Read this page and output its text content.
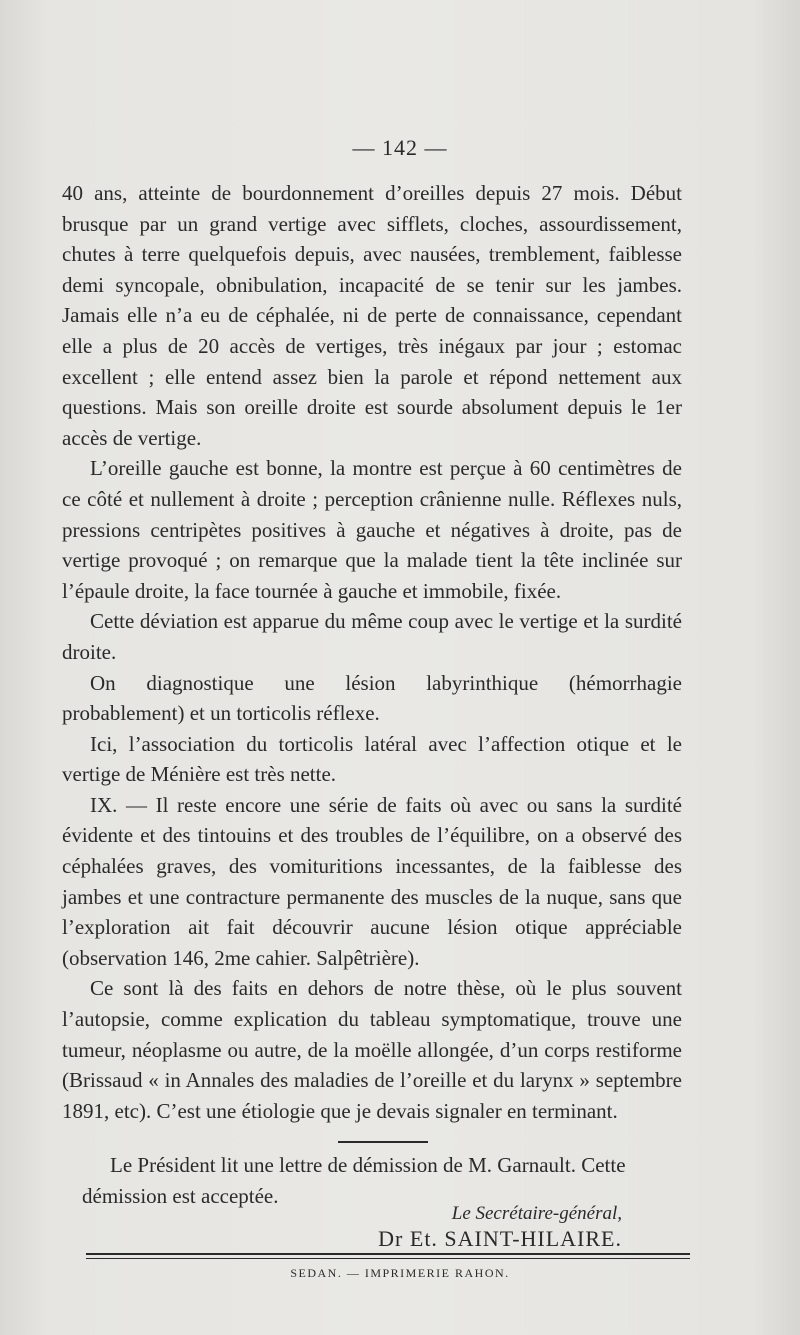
— 142 —

40 ans, atteinte de bourdonnement d’oreilles depuis 27 mois. Début brusque par un grand vertige avec sifflets, cloches, assourdissement, chutes à terre quelquefois depuis, avec nausées, tremblement, faiblesse demi syncopale, obnibulation, incapacité de se tenir sur les jambes. Jamais elle n’a eu de céphalée, ni de perte de connaissance, cependant elle a plus de 20 accès de vertiges, très inégaux par jour ; estomac excellent ; elle entend assez bien la parole et répond nettement aux questions. Mais son oreille droite est sourde absolument depuis le 1er accès de vertige.

L’oreille gauche est bonne, la montre est perçue à 60 centimètres de ce côté et nullement à droite ; perception crânienne nulle. Réflexes nuls, pressions centripètes positives à gauche et négatives à droite, pas de vertige provoqué ; on remarque que la malade tient la tête inclinée sur l’épaule droite, la face tournée à gauche et immobile, fixée.

Cette déviation est apparue du même coup avec le vertige et la surdité droite.

On diagnostique une lésion labyrinthique (hémorrhagie probablement) et un torticolis réflexe.

Ici, l’association du torticolis latéral avec l’affection otique et le vertige de Ménière est très nette.

IX. — Il reste encore une série de faits où avec ou sans la surdité évidente et des tintouins et des troubles de l’équilibre, on a observé des céphalées graves, des vomituritions incessantes, de la faiblesse des jambes et une contracture permanente des muscles de la nuque, sans que l’exploration ait fait découvrir aucune lésion otique appréciable (observation 146, 2me cahier. Salpêtrière).

Ce sont là des faits en dehors de notre thèse, où le plus souvent l’autopsie, comme explication du tableau symptomatique, trouve une tumeur, néoplasme ou autre, de la moëlle allongée, d’un corps restiforme (Brissaud « in Annales des maladies de l’oreille et du larynx » septembre 1891, etc). C’est une étiologie que je devais signaler en terminant.

Le Président lit une lettre de démission de M. Garnault. Cette démission est acceptée.

Le Secrétaire-général,
Dr Et. SAINT-HILAIRE.
SEDAN. — IMPRIMERIE RAHON.
